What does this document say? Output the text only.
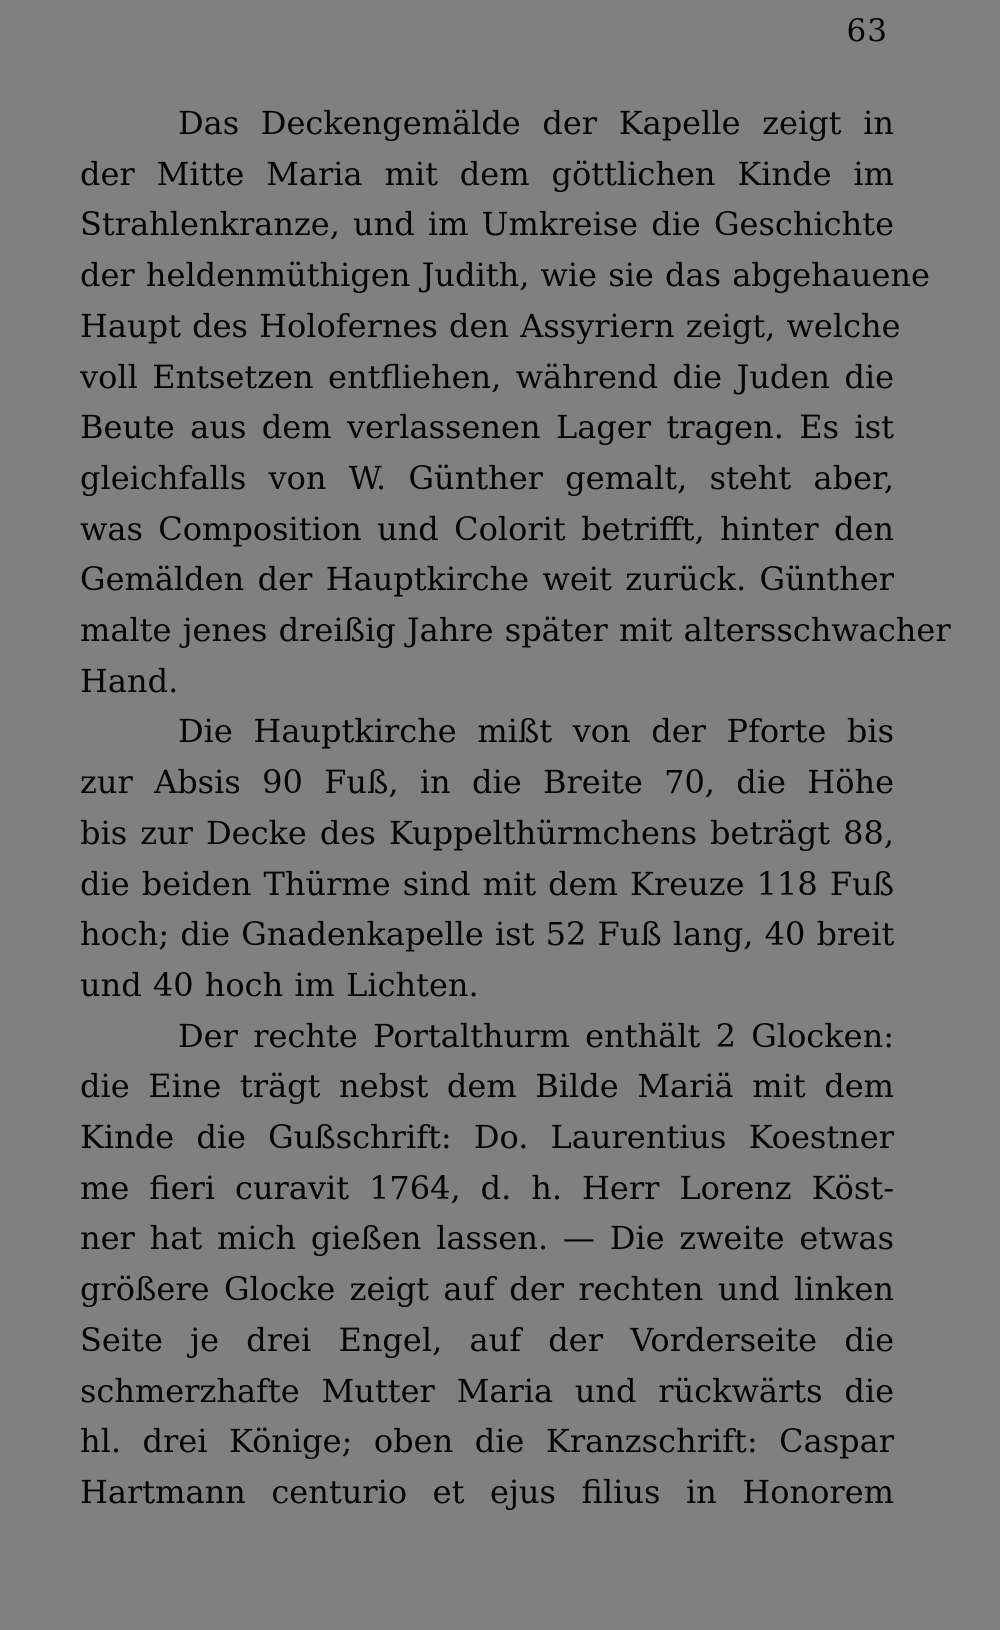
63

Das Deckengemälde der Kapelle zeigt in
der Mitte Maria mit dem göttlichen Kinde im
Strahlenkranze, und im Umkreise die Geschichte
der heldenmüthigen Judith, wie sie das abgehauene
Haupt des Holofernes den Assyriern zeigt, welche
voll Entsetzen entfliehen, während die Juden die
Beute aus dem verlassenen Lager tragen. Es ist
gleichfalls von W. Günther gemalt, steht aber,
was Composition und Colorit betrifft, hinter den
Gemälden der Hauptkirche weit zurück. Günther
malte jenes dreißig Jahre später mit altersschwacher
Hand.

Die Hauptkirche mißt von der Pforte bis
zur Absis 90 Fuß, in die Breite 70, die Höhe
bis zur Decke des Kuppelthürmchens beträgt 88,
die beiden Thürme sind mit dem Kreuze 118 Fuß
hoch; die Gnadenkapelle ist 52 Fuß lang, 40 breit
und 40 hoch im Lichten.

Der rechte Portalthurm enthält 2 Glocken:
die Eine trägt nebst dem Bilde Mariä mit dem
Kinde die Gußschrift: Do. Laurentius Koestner
me fieri curavit 1764, d. h. Herr Lorenz Köst-
ner hat mich gießen lassen. — Die zweite etwas
größere Glocke zeigt auf der rechten und linken
Seite je drei Engel, auf der Vorderseite die
schmerzhafte Mutter Maria und rückwärts die
hl. drei Könige; oben die Kranzschrift: Caspar
Hartmann centurio et ejus filius in Honorem
